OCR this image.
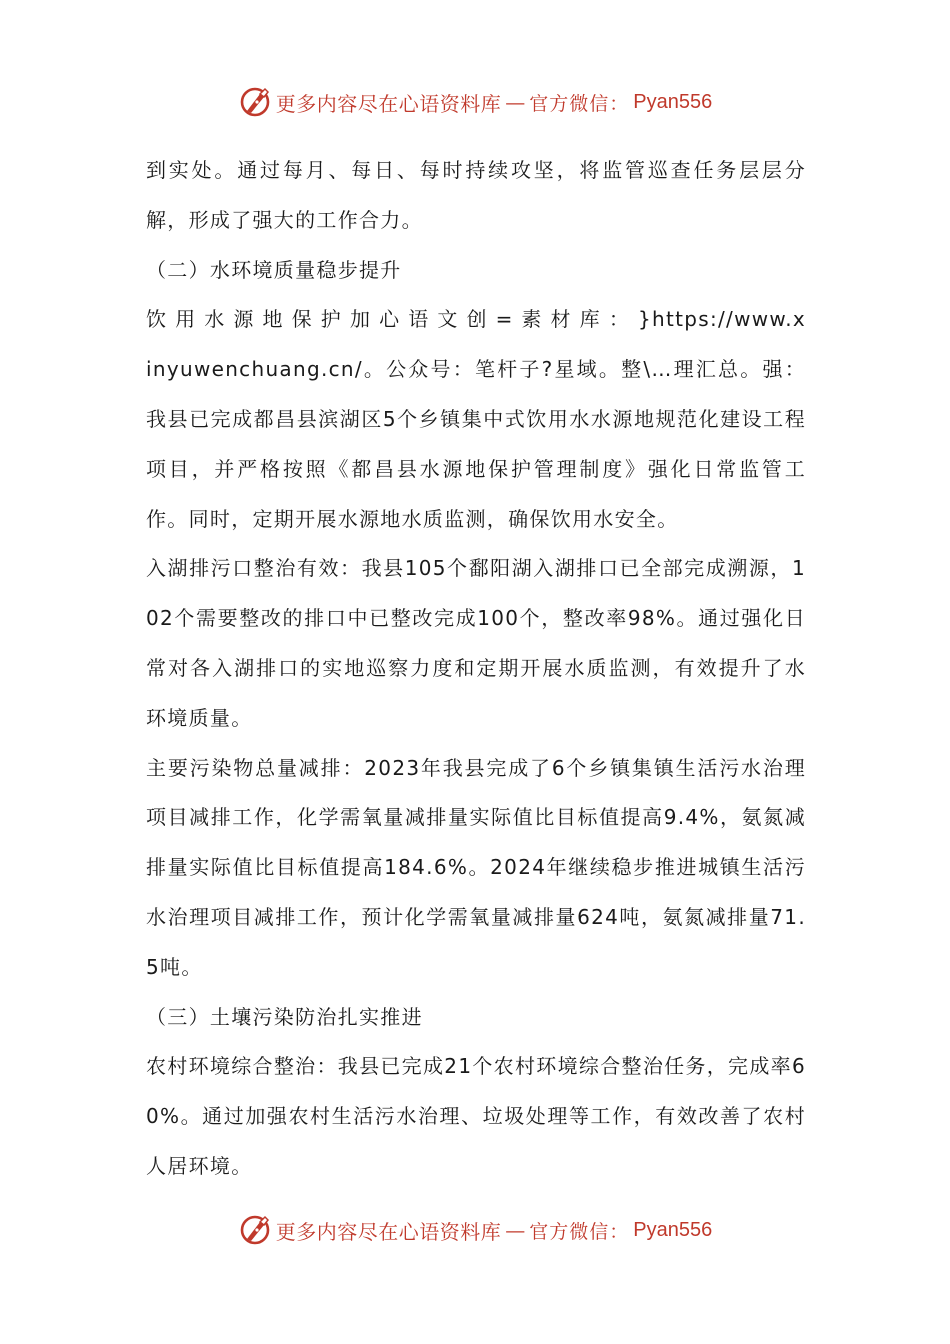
更多内容尽在心语资料库 — 官方微信： Pyan556

到实处。通过每月、每日、每时持续攻坚，将监管巡查任务层层分解，形成了强大的工作合力。

（二）水环境质量稳步提升

饮 用 水 源 地 保 护 加 心 语 文 创 = 素 材 库 ： }https://www.xinyuwenchuang.cn/。公众号：笔杆子?星域。整\…理汇总。强：我县已完成都昌县滨湖区5个乡镇集中式饮用水水源地规范化建设工程项目，并严格按照《都昌县水源地保护管理制度》强化日常监管工作。同时，定期开展水源地水质监测，确保饮用水安全。

入湖排污口整治有效：我县105个鄱阳湖入湖排口已全部完成溯源，102个需要整改的排口中已整改完成100个，整改率98%。通过强化日常对各入湖排口的实地巡察力度和定期开展水质监测，有效提升了水环境质量。

主要污染物总量减排：2023年我县完成了6个乡镇集镇生活污水治理项目减排工作，化学需氧量减排量实际值比目标值提高9.4%，氨氮减排量实际值比目标值提高184.6%。2024年继续稳步推进城镇生活污水治理项目减排工作，预计化学需氧量减排量624吨，氨氮减排量71.5吨。

（三）土壤污染防治扎实推进

农村环境综合整治：我县已完成21个农村环境综合整治任务，完成率60%。通过加强农村生活污水治理、垃圾处理等工作，有效改善了农村人居环境。

更多内容尽在心语资料库 — 官方微信： Pyan556
